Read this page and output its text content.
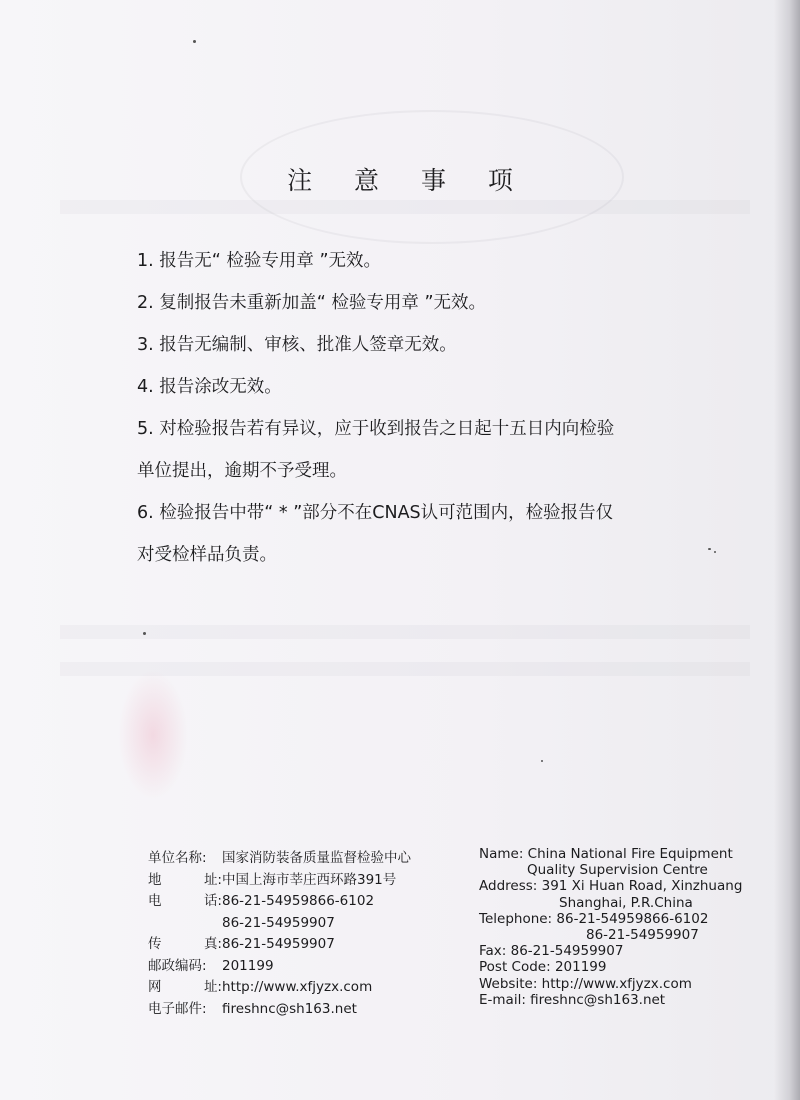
注 意 事 项
1. 报告无“ 检验专用章 ”无效。
2. 复制报告未重新加盖“ 检验专用章 ”无效。
3. 报告无编制、审核、批准人签章无效。
4. 报告涂改无效。
5. 对检验报告若有异议，应于收到报告之日起十五日内向检验
单位提出，逾期不予受理。
6. 检验报告中带“ * ”部分不在CNAS认可范围内，检验报告仅
对受检样品负责。
单位名称:	国家消防装备质量监督检验中心
地	址: 中国上海市莘庄西环路391号
电	话: 86-21-54959866-6102
86-21-54959907
传	真: 86-21-54959907
邮政编码:	201199
网	址: http://www.xfjyzx.com
电子邮件:	fireshnc@sh163.net
Name: China National Fire Equipment
Quality Supervision Centre
Address: 391 Xi Huan Road, Xinzhuang
Shanghai, P.R.China
Telephone: 86-21-54959866-6102
86-21-54959907
Fax: 86-21-54959907
Post Code: 201199
Website: http://www.xfjyzx.com
E-mail: fireshnc@sh163.net
